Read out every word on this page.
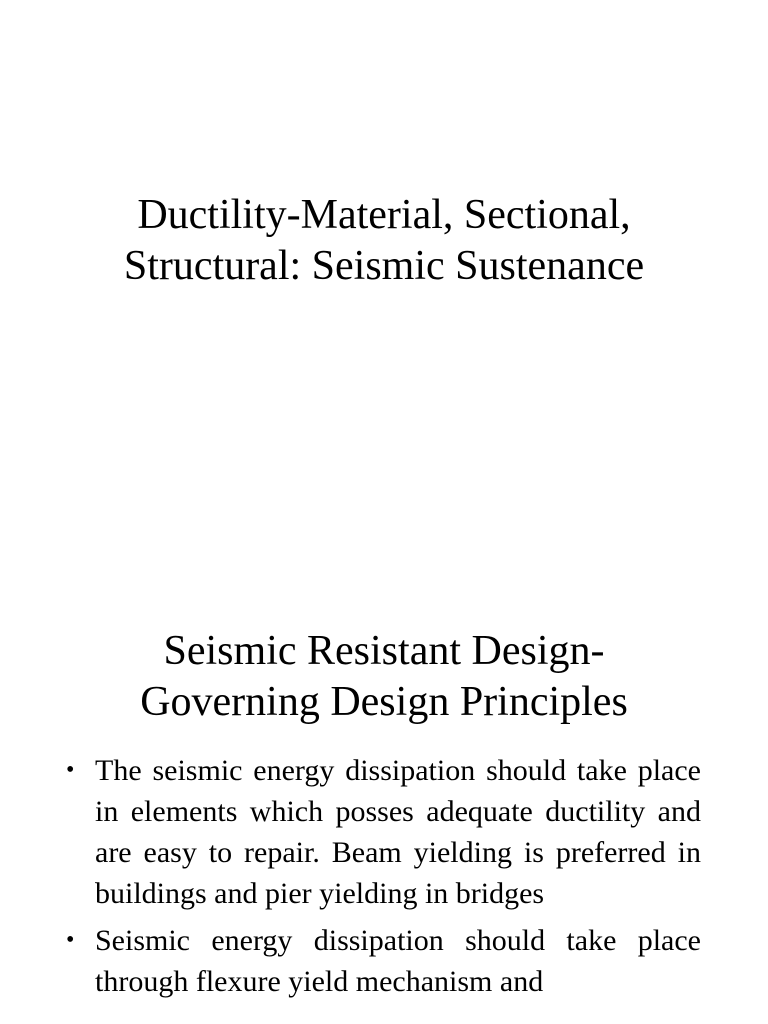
Ductility-Material, Sectional,
Structural: Seismic Sustenance
Seismic Resistant Design-
Governing Design Principles
• The seismic energy dissipation should take place in elements which posses adequate ductility and are easy to repair. Beam yielding is preferred in buildings and pier yielding in bridges
• Seismic energy dissipation should take place through flexure yield mechanism and
